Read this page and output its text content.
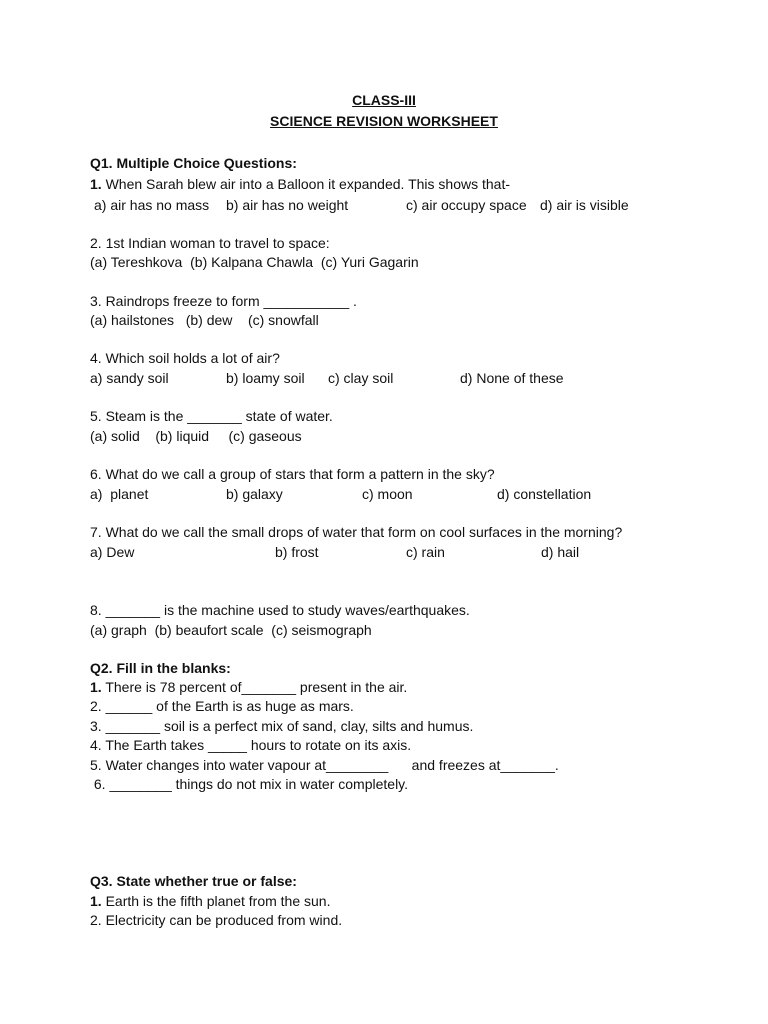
CLASS-III
SCIENCE REVISION WORKSHEET
Q1. Multiple Choice Questions:
1. When Sarah blew air into a Balloon it expanded. This shows that-
a) air has no mass b) air has no weight	c) air occupy space d) air is visible
2. 1st Indian woman to travel to space:
(a) Tereshkova  (b) Kalpana Chawla  (c) Yuri Gagarin
3. Raindrops freeze to form ___________ .
(a) hailstones   (b) dew    (c) snowfall
4. Which soil holds a lot of air?
a) sandy soil	b) loamy soil c) clay soil	d) None of these
5. Steam is the _______ state of water.
(a) solid    (b) liquid     (c) gaseous
6. What do we call a group of stars that form a pattern in the sky?
a)  planet	b) galaxy	c) moon	d) constellation
7. What do we call the small drops of water that form on cool surfaces in the morning?
a) Dew	b) frost	c) rain	d) hail
8. _______ is the machine used to study waves/earthquakes.
(a) graph  (b) beaufort scale  (c) seismograph
Q2. Fill in the blanks:
1. There is 78 percent of_______ present in the air.
2. ______ of the Earth is as huge as mars.
3. _______ soil is a perfect mix of sand, clay, silts and humus.
4. The Earth takes _____ hours to rotate on its axis.
5. Water changes into water vapour at________      and freezes at_______.
6. ________ things do not mix in water completely.
Q3. State whether true or false:
1. Earth is the fifth planet from the sun.
2. Electricity can be produced from wind.
